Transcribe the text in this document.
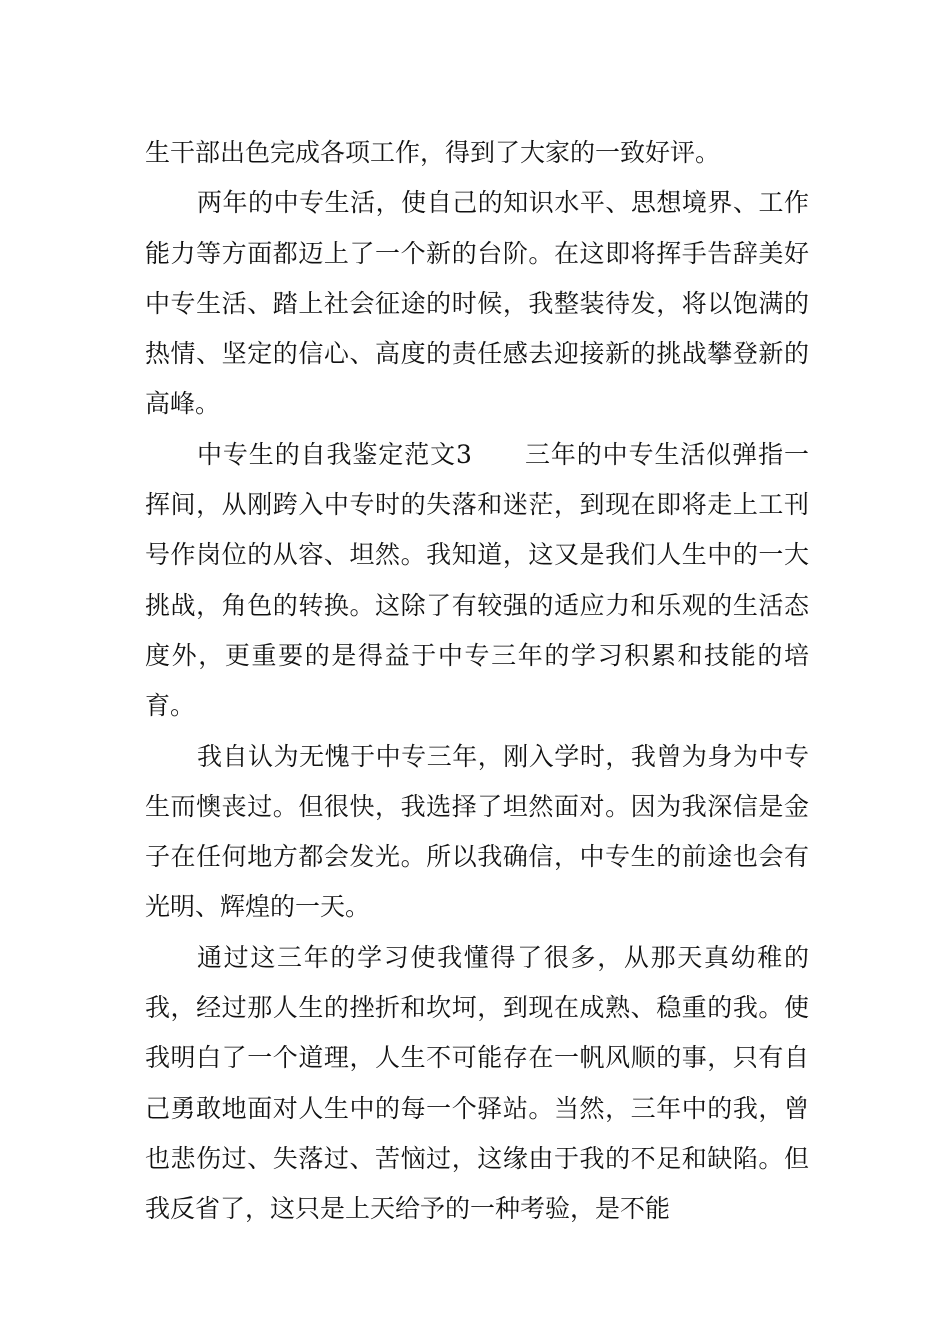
生干部出色完成各项工作，得到了大家的一致好评。

两年的中专生活，使自己的知识水平、思想境界、工作能力等方面都迈上了一个新的台阶。在这即将挥手告辞美好中专生活、踏上社会征途的时候，我整装待发，将以饱满的热情、坚定的信心、高度的责任感去迎接新的挑战攀登新的高峰。

中专生的自我鉴定范文3 三年的中专生活似弹指一挥间，从刚跨入中专时的失落和迷茫，到现在即将走上工刊号作岗位的从容、坦然。我知道，这又是我们人生中的一大挑战，角色的转换。这除了有较强的适应力和乐观的生活态度外，更重要的是得益于中专三年的学习积累和技能的培育。

我自认为无愧于中专三年，刚入学时，我曾为身为中专生而懊丧过。但很快，我选择了坦然面对。因为我深信是金子在任何地方都会发光。所以我确信，中专生的前途也会有光明、辉煌的一天。

通过这三年的学习使我懂得了很多，从那天真幼稚的我，经过那人生的挫折和坎坷，到现在成熟、稳重的我。使我明白了一个道理，人生不可能存在一帆风顺的事，只有自己勇敢地面对人生中的每一个驿站。当然，三年中的我，曾也悲伤过、失落过、苦恼过，这缘由于我的不足和缺陷。但我反省了，这只是上天给予的一种考验，是不能
